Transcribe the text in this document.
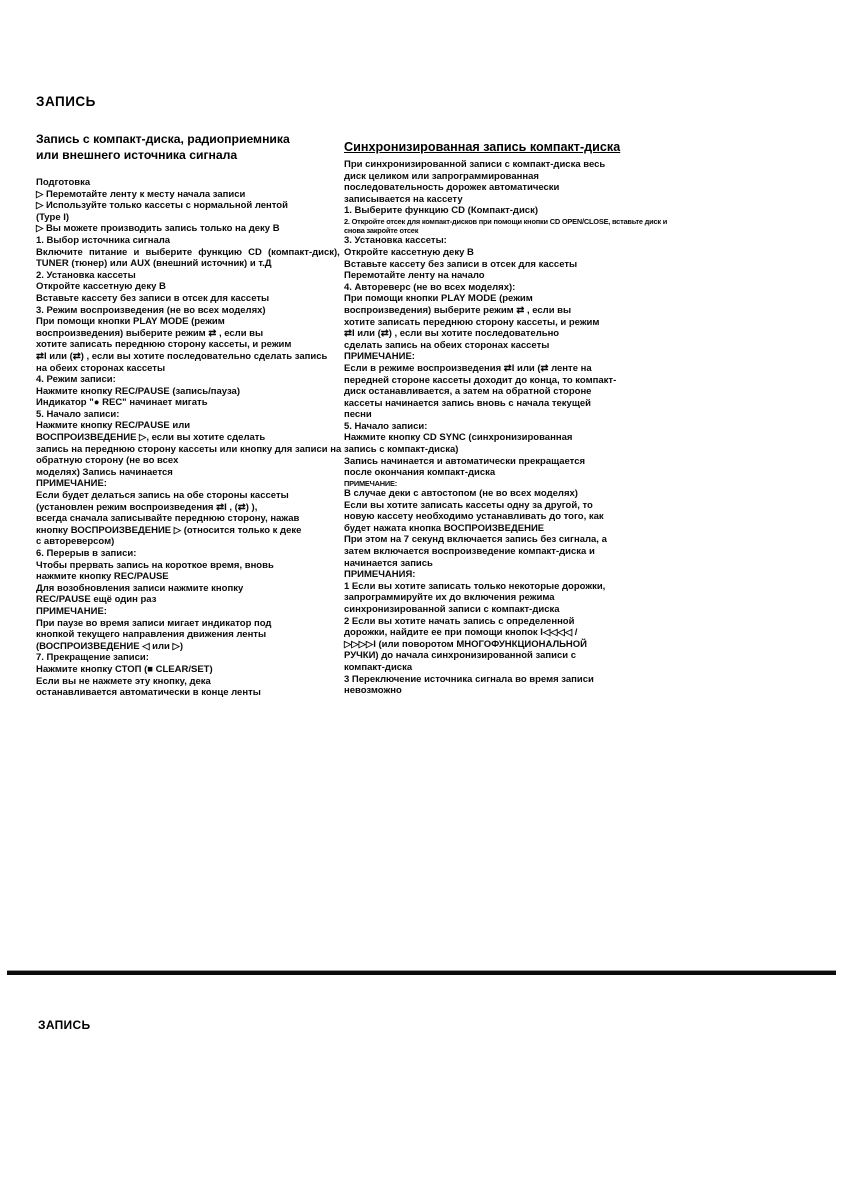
ЗАПИСЬ
Запись с компакт-диска, радиоприемника
или внешнего источника сигнала
Подготовка
▷ Перемотайте ленту к месту начала записи
▷ Используйте только кассеты с нормальной лентой
(Type I)
▷ Вы можете производить запись только на деку B
1. Выбор источника сигнала
Включите питание и выберите функцию CD (компакт-диск),
TUNER (тюнер) или AUX (внешний источник) и т.Д
2. Установка кассеты
Откройте кассетную деку B
Вставьте кассету без записи в отсек для кассеты
3. Режим воспроизведения (не во всех моделях)
При помощи кнопки PLAY MODE (режим
воспроизведения) выберите режим ⇄ , если вы
хотите записать переднюю сторону кассеты, и режим
⇄I или (⇄) , если вы хотите последовательно сделать запись
на обеих сторонах кассеты
4. Режим записи:
Нажмите кнопку REC/PAUSE (запись/пауза)
Индикатор "● REC" начинает мигать
5. Начало записи:
Нажмите кнопку REC/PAUSE или
ВОСПРОИЗВЕДЕНИЕ ▷, если вы хотите сделать
запись на переднюю сторону кассеты или кнопку для записи на
обратную сторону (не во всех
моделях) Запись начинается
ПРИМЕЧАНИЕ:
Если будет делаться запись на обе стороны кассеты
(установлен режим воспроизведения ⇄I , (⇄) ),
всегда сначала записывайте переднюю сторону, нажав
кнопку ВОСПРОИЗВЕДЕНИЕ ▷ (относится только к деке
с автореверсом)
6. Перерыв в записи:
Чтобы прервать запись на короткое время, вновь
нажмите кнопку REC/PAUSE
Для возобновления записи нажмите кнопку
REC/PAUSE ещё один раз
ПРИМЕЧАНИЕ:
При паузе во время записи мигает индикатор под
кнопкой текущего направления движения ленты
(ВОСПРОИЗВЕДЕНИЕ ◁ или ▷)
7. Прекращение записи:
Нажмите кнопку СТОП (■ CLEAR/SET)
Если вы не нажмете эту кнопку, дека
останавливается автоматически в конце ленты
Синхронизированная запись компакт-диска
При синхронизированной записи с компакт-диска весь
диск целиком или запрограммированная
последовательность дорожек автоматически
записывается на кассету
1. Выберите функцию CD (Компакт-диск)
2. Откройте отсек для компакт-дисков при помощи кнопки CD OPEN/CLOSE, вставьте диск и
снова закройте отсек
3. Установка кассеты:
Откройте кассетную деку B
Вставьте кассету без записи в отсек для кассеты
Перемотайте ленту на начало
4. Автореверс (не во всех моделях):
При помощи кнопки PLAY MODE (режим
воспроизведения) выберите режим ⇄ , если вы
хотите записать переднюю сторону кассеты, и режим
⇄I или (⇄) , если вы хотите последовательно
сделать запись на обеих сторонах кассеты
ПРИМЕЧАНИЕ:
Если в режиме воспроизведения ⇄I или (⇄ ленте на
передней стороне кассеты доходит до конца, то компакт-
диск останавливается, а затем на обратной стороне
кассеты начинается запись вновь с начала текущей
песни
5. Начало записи:
Нажмите кнопку CD SYNC (синхронизированная
запись с компакт-диска)
Запись начинается и автоматически прекращается
после окончания компакт-диска
ПРИМЕЧАНИЕ:
В случае деки с автостопом (не во всех моделях)
Если вы хотите записать кассеты одну за другой, то
новую кассету необходимо устанавливать до того, как
будет нажата кнопка ВОСПРОИЗВЕДЕНИЕ
При этом на 7 секунд включается запись без сигнала, а
затем включается воспроизведение компакт-диска и
начинается запись
ПРИМЕЧАНИЯ:
1 Если вы хотите записать только некоторые дорожки,
запрограммируйте их до включения режима
синхронизированной записи с компакт-диска
2 Если вы хотите начать запись с определенной
дорожки, найдите ее при помощи кнопок I◁◁◁◁ /
▷▷▷▷I (или поворотом МНОГОФУНКЦИОНАЛЬНОЙ
РУЧКИ) до начала синхронизированной записи с
компакт-диска
3 Переключение источника сигнала во время записи
невозможно
ЗАПИСЬ
